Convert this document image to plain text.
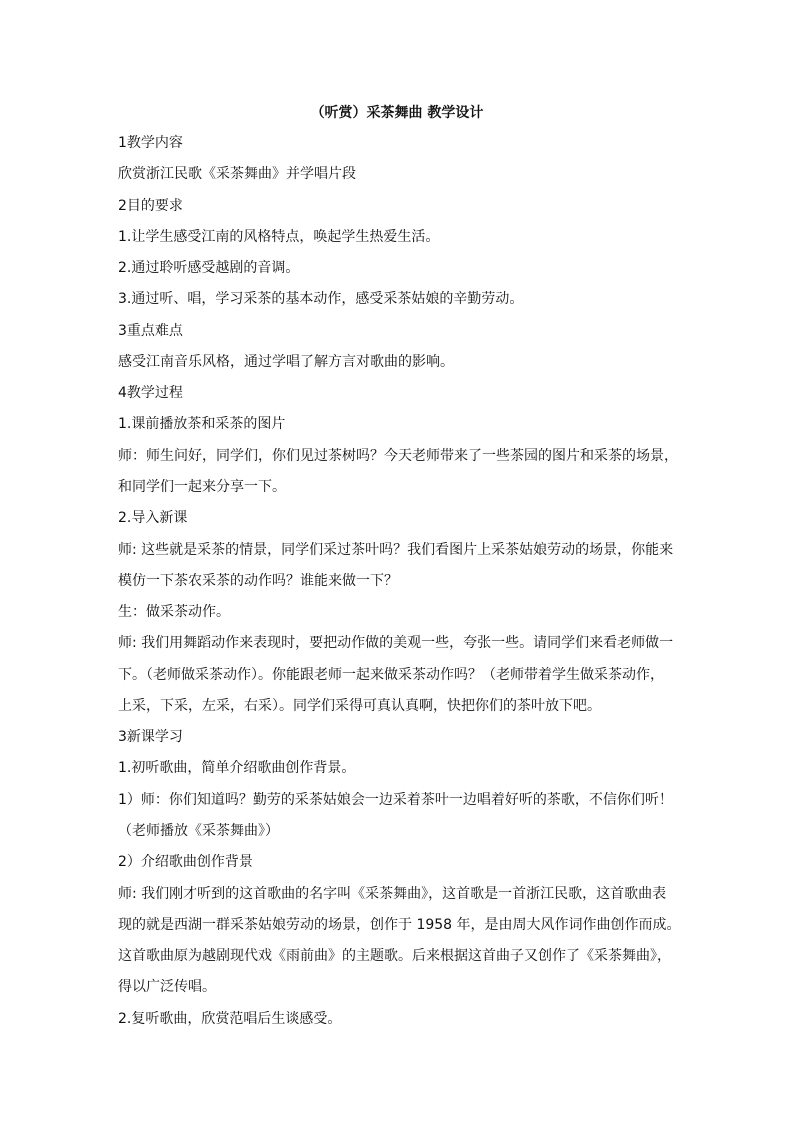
（听赏）采茶舞曲 教学设计
1教学内容
欣赏浙江民歌《采茶舞曲》并学唱片段
2目的要求
1.让学生感受江南的风格特点，唤起学生热爱生活。
2.通过聆听感受越剧的音调。
3.通过听、唱，学习采茶的基本动作，感受采茶姑娘的辛勤劳动。
3重点难点
感受江南音乐风格，通过学唱了解方言对歌曲的影响。
4教学过程
1.课前播放茶和采茶的图片
师：师生问好，同学们，你们见过茶树吗？今天老师带来了一些茶园的图片和采茶的场景，
和同学们一起来分享一下。
2.导入新课
师: 这些就是采茶的情景，同学们采过茶叶吗？我们看图片上采茶姑娘劳动的场景，你能来
模仿一下茶农采茶的动作吗？谁能来做一下？
生：做采茶动作。
师: 我们用舞蹈动作来表现时，要把动作做的美观一些，夸张一些。请同学们来看老师做一
下。（老师做采茶动作）。你能跟老师一起来做采茶动作吗？（老师带着学生做采茶动作，
上采，下采，左采，右采）。同学们采得可真认真啊，快把你们的茶叶放下吧。
3新课学习
1.初听歌曲，简单介绍歌曲创作背景。
1）师：你们知道吗？勤劳的采茶姑娘会一边采着茶叶一边唱着好听的茶歌，不信你们听！
（老师播放《采茶舞曲》）
2）介绍歌曲创作背景
师: 我们刚才听到的这首歌曲的名字叫《采茶舞曲》，这首歌是一首浙江民歌，这首歌曲表
现的就是西湖一群采茶姑娘劳动的场景，创作于 1958 年，是由周大风作词作曲创作而成。
这首歌曲原为越剧现代戏《雨前曲》的主题歌。后来根据这首曲子又创作了《采茶舞曲》，
得以广泛传唱。
2.复听歌曲，欣赏范唱后生谈感受。
